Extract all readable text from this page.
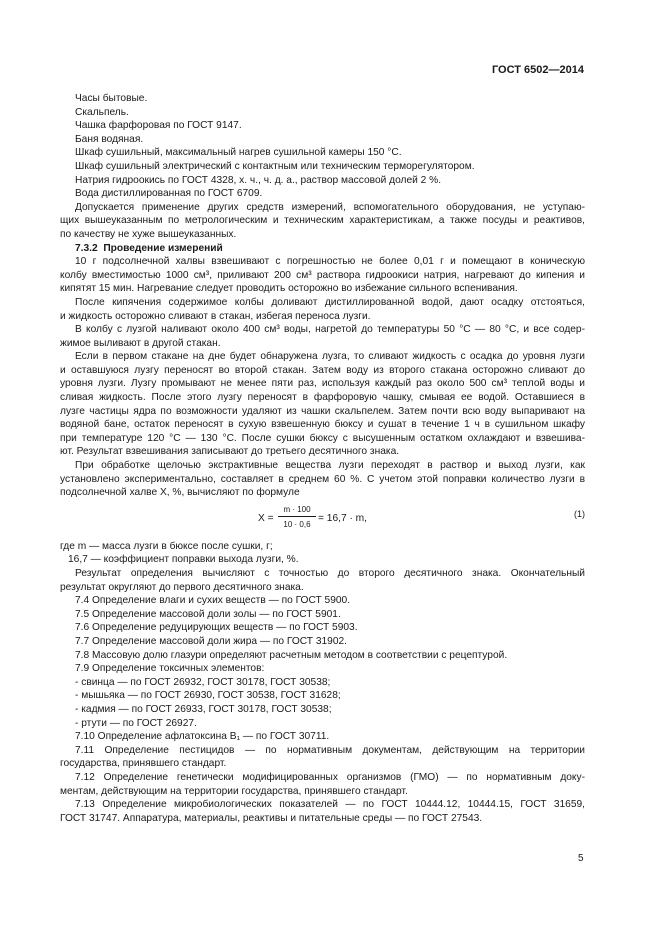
ГОСТ 6502—2014

Часы бытовые.

Скальпель.

Чашка фарфоровая по ГОСТ 9147.

Баня водяная.

Шкаф сушильный, максимальный нагрев сушильной камеры 150 °С.

Шкаф сушильный электрический с контактным или техническим терморегулятором.

Натрия гидроокись по ГОСТ 4328, х. ч., ч. д. а., раствор массовой долей 2 %.

Вода дистиллированная по ГОСТ 6709.

Допускается применение других средств измерений, вспомогательного оборудования, не уступаю-

щих вышеуказанным по метрологическим и техническим характеристикам, а также посуды и реактивов,

по качеству не хуже вышеуказанных.

7.3.2 Проведение измерений

10 г подсолнечной халвы взвешивают с погрешностью не более 0,01 г и помещают в коническую

колбу вместимостью 1000 см³, приливают 200 см³ раствора гидроокиси натрия, нагревают до кипения и

кипятят 15 мин. Нагревание следует проводить осторожно во избежание сильного вспенивания.

После кипячения содержимое колбы доливают дистиллированной водой, дают осадку отстояться,

и жидкость осторожно сливают в стакан, избегая переноса лузги.

В колбу с лузгой наливают около 400 см³ воды, нагретой до температуры 50 °С — 80 °С, и все содер-

жимое выливают в другой стакан.

Если в первом стакане на дне будет обнаружена лузга, то сливают жидкость с осадка до уровня лузги

и оставшуюся лузгу переносят во второй стакан. Затем воду из второго стакана осторожно сливают до

уровня лузги. Лузгу промывают не менее пяти раз, используя каждый раз около 500 см³ теплой воды и

сливая жидкость. После этого лузгу переносят в фарфоровую чашку, смывая ее водой. Оставшиеся в

лузге частицы ядра по возможности удаляют из чашки скальпелем. Затем почти всю воду выпаривают на

водяной бане, остаток переносят в сухую взвешенную бюксу и сушат в течение 1 ч в сушильном шкафу

при температуре 120 °С — 130 °С. После сушки бюксу с высушенным остатком охлаждают и взвешива-

ют. Результат взвешивания записывают до третьего десятичного знака.

При обработке щелочью экстрактивные вещества лузги переходят в раствор и выход лузги, как

установлено экспериментально, составляет в среднем 60 %. С учетом этой поправки количество лузги в

подсолнечной халве X, %, вычисляют по формуле

$X = \frac{m \cdot 100}{10 \cdot 0,6} = 16,7 \cdot m$,	(1)

где m — масса лузги в бюксе после сушки, г;

16,7 — коэффициент поправки выхода лузги, %.

Результат определения вычисляют с точностью до второго десятичного знака. Окончательный

результат округляют до первого десятичного знака.

7.4 Определение влаги и сухих веществ — по ГОСТ 5900.

7.5 Определение массовой доли золы — по ГОСТ 5901.

7.6 Определение редуцирующих веществ — по ГОСТ 5903.

7.7 Определение массовой доли жира — по ГОСТ 31902.

7.8 Массовую долю глазури определяют расчетным методом в соответствии с рецептурой.

7.9 Определение токсичных элементов:

- свинца — по ГОСТ 26932, ГОСТ 30178, ГОСТ 30538;

- мышьяка — по ГОСТ 26930, ГОСТ 30538, ГОСТ 31628;

- кадмия — по ГОСТ 26933, ГОСТ 30178, ГОСТ 30538;

- ртути — по ГОСТ 26927.

7.10 Определение афлатоксина B₁ — по ГОСТ 30711.

7.11 Определение пестицидов — по нормативным документам, действующим на территории

государства, принявшего стандарт.

7.12 Определение генетически модифицированных организмов (ГМО) — по нормативным доку-

ментам, действующим на территории государства, принявшего стандарт.

7.13 Определение микробиологических показателей — по ГОСТ 10444.12, 10444.15, ГОСТ 31659,

ГОСТ 31747. Аппаратура, материалы, реактивы и питательные среды — по ГОСТ 27543.

5
